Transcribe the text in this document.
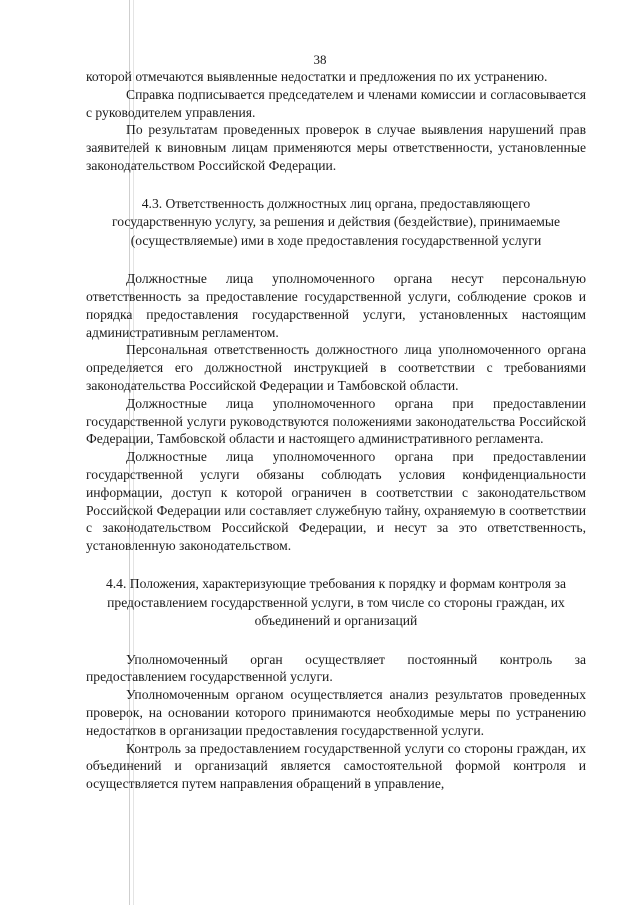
38

которой отмечаются выявленные недостатки и предложения по их устранению.

Справка подписывается председателем и членами комиссии и согласовывается с руководителем управления.

По результатам проведенных проверок в случае выявления нарушений прав заявителей к виновным лицам применяются меры ответственности, установленные законодательством Российской Федерации.

4.3. Ответственность должностных лиц органа, предоставляющего государственную услугу, за решения и действия (бездействие), принимаемые (осуществляемые) ими в ходе предоставления государственной услуги

Должностные лица уполномоченного органа несут персональную ответственность за предоставление государственной услуги, соблюдение сроков и порядка предоставления государственной услуги, установленных настоящим административным регламентом.

Персональная ответственность должностного лица уполномоченного органа определяется его должностной инструкцией в соответствии с требованиями законодательства Российской Федерации и Тамбовской области.

Должностные лица уполномоченного органа при предоставлении государственной услуги руководствуются положениями законодательства Российской Федерации, Тамбовской области и настоящего административного регламента.

Должностные лица уполномоченного органа при предоставлении государственной услуги обязаны соблюдать условия конфиденциальности информации, доступ к которой ограничен в соответствии с законодательством Российской Федерации или составляет служебную тайну, охраняемую в соответствии с законодательством Российской Федерации, и несут за это ответственность, установленную законодательством.

4.4. Положения, характеризующие требования к порядку и формам контроля за предоставлением государственной услуги, в том числе со стороны граждан, их объединений и организаций

Уполномоченный орган осуществляет постоянный контроль за предоставлением государственной услуги.

Уполномоченным органом осуществляется анализ результатов проведенных проверок, на основании которого принимаются необходимые меры по устранению недостатков в организации предоставления государственной услуги.

Контроль за предоставлением государственной услуги со стороны граждан, их объединений и организаций является самостоятельной формой контроля и осуществляется путем направления обращений в управление,
